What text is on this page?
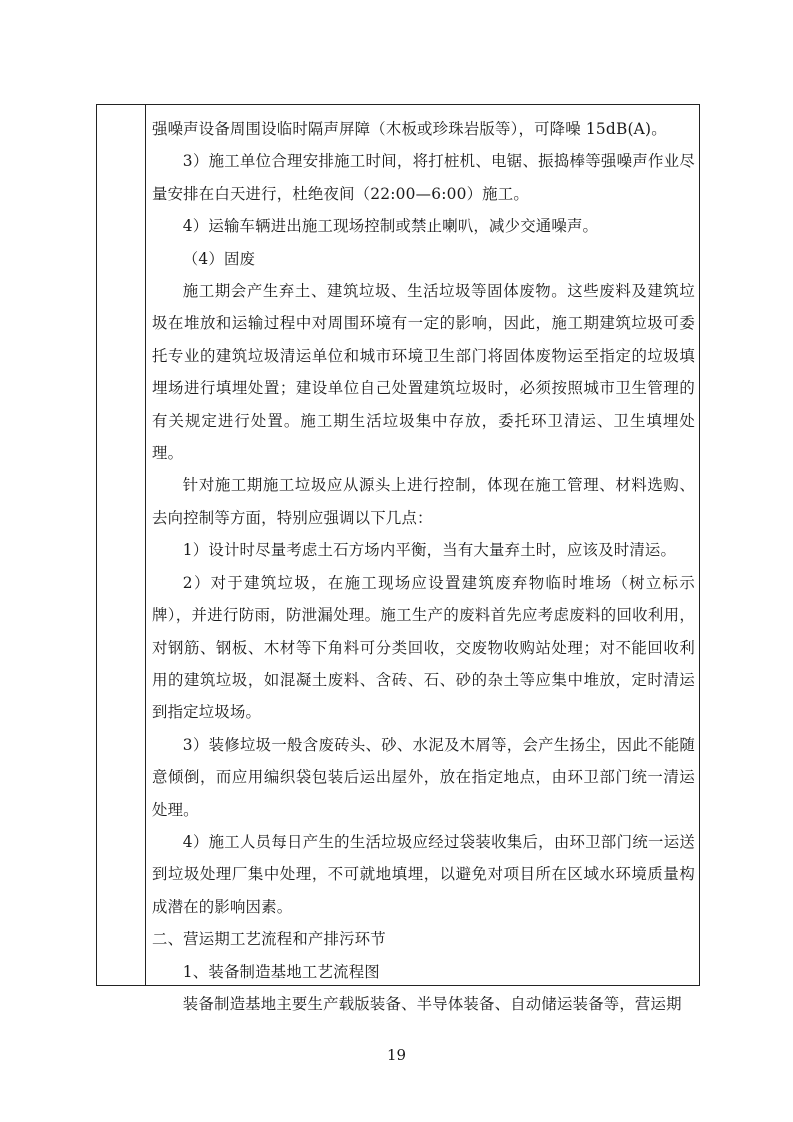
强噪声设备周围设临时隔声屏障（木板或珍珠岩版等），可降噪 15dB(A)。

3）施工单位合理安排施工时间，将打桩机、电锯、振捣棒等强噪声作业尽量安排在白天进行，杜绝夜间（22:00—6:00）施工。

4）运输车辆进出施工现场控制或禁止喇叭，减少交通噪声。

（4）固废

施工期会产生弃土、建筑垃圾、生活垃圾等固体废物。这些废料及建筑垃圾在堆放和运输过程中对周围环境有一定的影响，因此，施工期建筑垃圾可委托专业的建筑垃圾清运单位和城市环境卫生部门将固体废物运至指定的垃圾填埋场进行填埋处置；建设单位自己处置建筑垃圾时，必须按照城市卫生管理的有关规定进行处置。施工期生活垃圾集中存放，委托环卫清运、卫生填埋处理。

针对施工期施工垃圾应从源头上进行控制，体现在施工管理、材料选购、去向控制等方面，特别应强调以下几点：

1）设计时尽量考虑土石方场内平衡，当有大量弃土时，应该及时清运。

2）对于建筑垃圾，在施工现场应设置建筑废弃物临时堆场（树立标示牌），并进行防雨，防泄漏处理。施工生产的废料首先应考虑废料的回收利用，对钢筋、钢板、木材等下角料可分类回收，交废物收购站处理；对不能回收利用的建筑垃圾，如混凝土废料、含砖、石、砂的杂土等应集中堆放，定时清运到指定垃圾场。

3）装修垃圾一般含废砖头、砂、水泥及木屑等，会产生扬尘，因此不能随意倾倒，而应用编织袋包装后运出屋外，放在指定地点，由环卫部门统一清运处理。

4）施工人员每日产生的生活垃圾应经过袋装收集后，由环卫部门统一运送到垃圾处理厂集中处理，不可就地填埋，以避免对项目所在区域水环境质量构成潜在的影响因素。

二、营运期工艺流程和产排污环节

1、装备制造基地工艺流程图

装备制造基地主要生产载版装备、半导体装备、自动储运装备等，营运期

19
